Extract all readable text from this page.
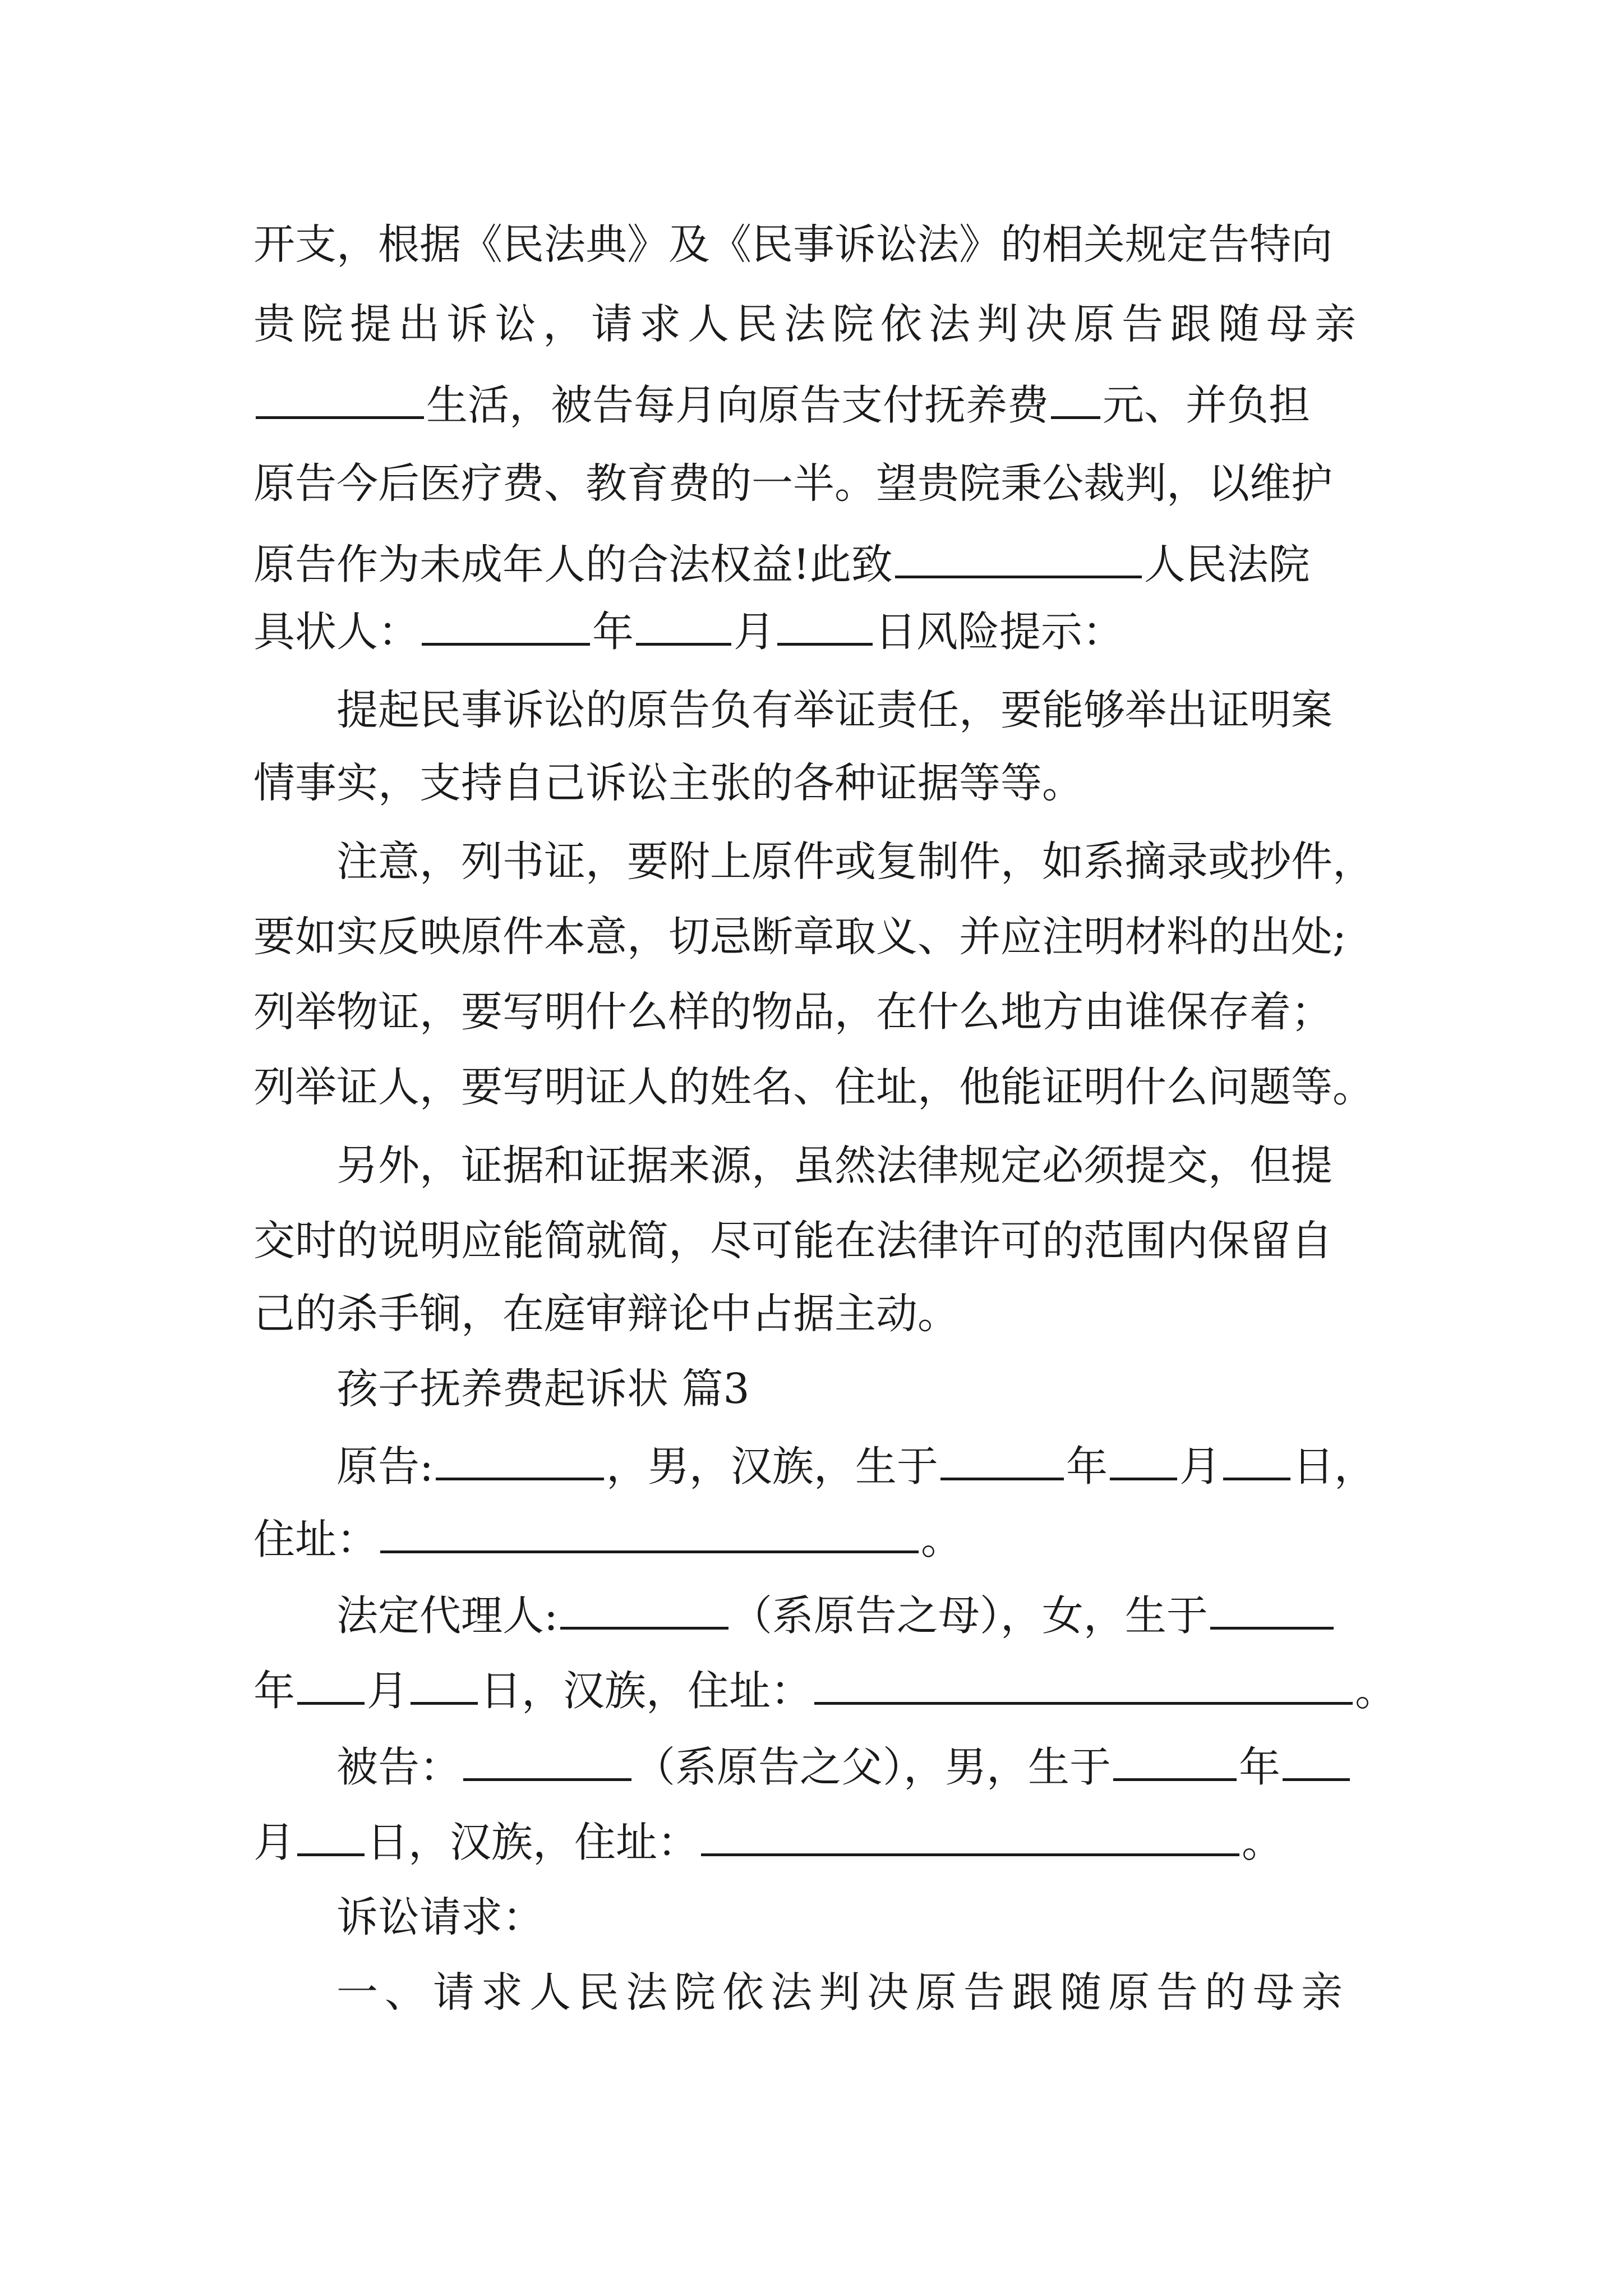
开支，根据《民法典》及《民事诉讼法》的相关规定告特向
贵院提出诉讼，请求人民法院依法判决原告跟随母亲
生活，被告每月向原告支付抚养费 元、并负担
原告今后医疗费、教育费的一半。望贵院秉公裁判，以维护
原告作为未成年人的合法权益!此致	人民法院
具状人：	年 月 日风险提示：
提起民事诉讼的原告负有举证责任，要能够举出证明案
情事实，支持自己诉讼主张的各种证据等等。
注意，列书证，要附上原件或复制件，如系摘录或抄件，
要如实反映原件本意，切忌断章取义、并应注明材料的出处;
列举物证，要写明什么样的物品，在什么地方由谁保存着；
列举证人，要写明证人的姓名、住址，他能证明什么问题等。
另外，证据和证据来源，虽然法律规定必须提交，但提
交时的说明应能简就简，尽可能在法律许可的范围内保留自
己的杀手锏，在庭审辩论中占据主动。
孩子抚养费起诉状 篇3
原告:	，男，汉族，生于	年 月 日，
住址：	。
法定代理人:	（系原告之母），女，生于
年 月 日，汉族，住址：	。
被告：	（系原告之父），男，生于	年
月 日，汉族，住址：	。
诉讼请求：
一、请求人民法院依法判决原告跟随原告的母亲
